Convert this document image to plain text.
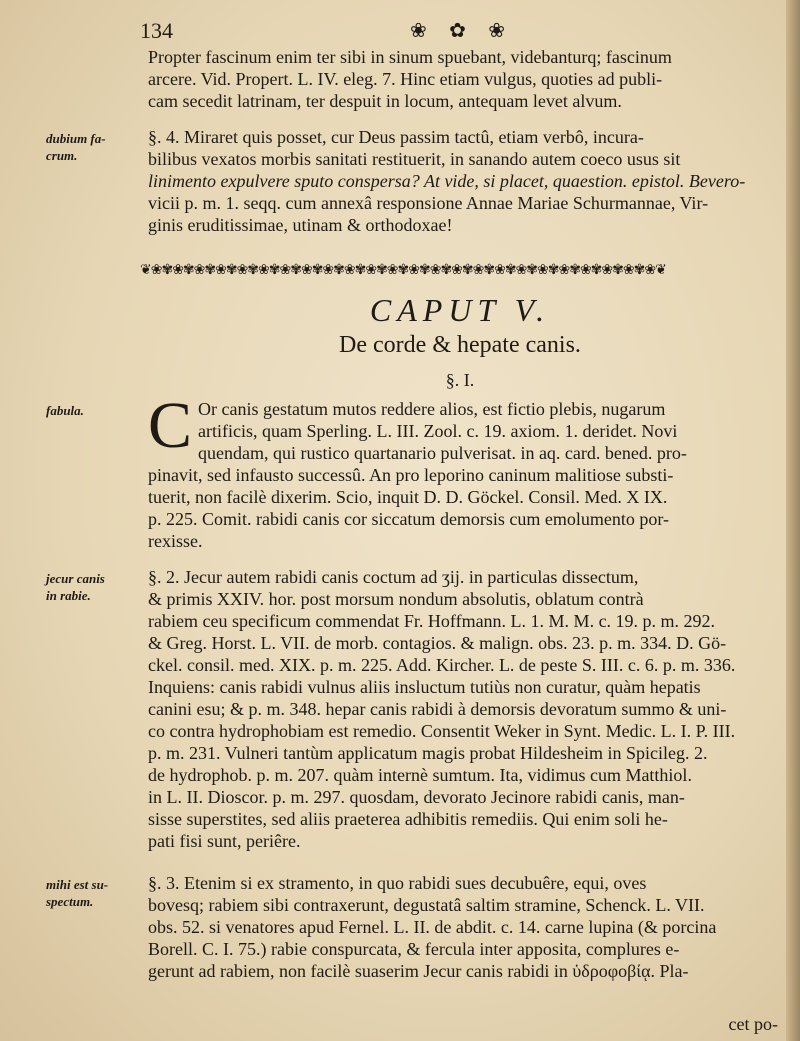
134	❀ ✿ ❀

Propter fascinum enim ter sibi in sinum spuebant, videbanturq; fascinum

arcere. Vid. Propert. L. IV. eleg. 7. Hinc etiam vulgus, quoties ad publi-

cam secedit latrinam, ter despuit in locum, antequam levet alvum.

dubium fa-
crum.

§. 4. Miraret quis posset, cur Deus passim tactû, etiam verbô, incura-

bilibus vexatos morbis sanitati restituerit, in sanando autem coeco usus sit

linimento expulvere sputo conspersa? At vide, si placet, quaestion. epistol. Bevero-

vicii p. m. 1. seqq. cum annexâ responsione Annae Mariae Schurmannae, Vir-

ginis eruditissimae, utinam & orthodoxae!

❦❀✾❀✾❀✾❀✾❀✾❀✾❀✾❀✾❀✾❀✾❀✾❀✾❀✾❀✾❀✾❀✾❀✾❀✾❀✾❀✾❀✾❀✾❀✾❀❦
CAPUT V.
De corde & hepate canis.
§. I.
fabula. C Or canis gestatum mutos reddere alios, est fictio plebis, nugarum

artificis, quam Sperling. L. III. Zool. c. 19. axiom. 1. deridet. Novi

quendam, qui rustico quartanario pulverisat. in aq. card. bened. pro-

pinavit, sed infausto successû. An pro leporino caninum malitiose substi-

tuerit, non facilè dixerim. Scio, inquit D. D. Göckel. Consil. Med. X IX.

p. 225. Comit. rabidi canis cor siccatum demorsis cum emolumento por-

rexisse.

jecur canis
in rabie.

§. 2. Jecur autem rabidi canis coctum ad ʒij. in particulas dissectum,

& primis XXIV. hor. post morsum nondum absolutis, oblatum contrà

rabiem ceu specificum commendat Fr. Hoffmann. L. 1. M. M. c. 19. p. m. 292.

& Greg. Horst. L. VII. de morb. contagios. & malign. obs. 23. p. m. 334. D. Gö-

ckel. consil. med. XIX. p. m. 225. Add. Kircher. L. de peste S. III. c. 6. p. m. 336.

Inquiens: canis rabidi vulnus aliis insluctum tutiùs non curatur, quàm hepatis

canini esu; & p. m. 348. hepar canis rabidi à demorsis devoratum summo & uni-

co contra hydrophobiam est remedio. Consentit Weker in Synt. Medic. L. I. P. III.

p. m. 231. Vulneri tantùm applicatum magis probat Hildesheim in Spicileg. 2.

de hydrophob. p. m. 207. quàm internè sumtum. Ita, vidimus cum Matthiol.

in L. II. Dioscor. p. m. 297. quosdam, devorato Jecinore rabidi canis, man-

sisse superstites, sed aliis praeterea adhibitis remediis. Qui enim soli he-

pati fisi sunt, periêre.

mihi est su-
spectum.

§. 3. Etenim si ex stramento, in quo rabidi sues decubuêre, equi, oves

bovesq; rabiem sibi contraxerunt, degustatâ saltim stramine, Schenck. L. VII.

obs. 52. si venatores apud Fernel. L. II. de abdit. c. 14. carne lupina (& porcina

Borell. C. I. 75.) rabie conspurcata, & fercula inter apposita, complures e-

gerunt ad rabiem, non facilè suaserim Jecur canis rabidi in ὑδροφοβίᾳ. Pla-

cet po-
